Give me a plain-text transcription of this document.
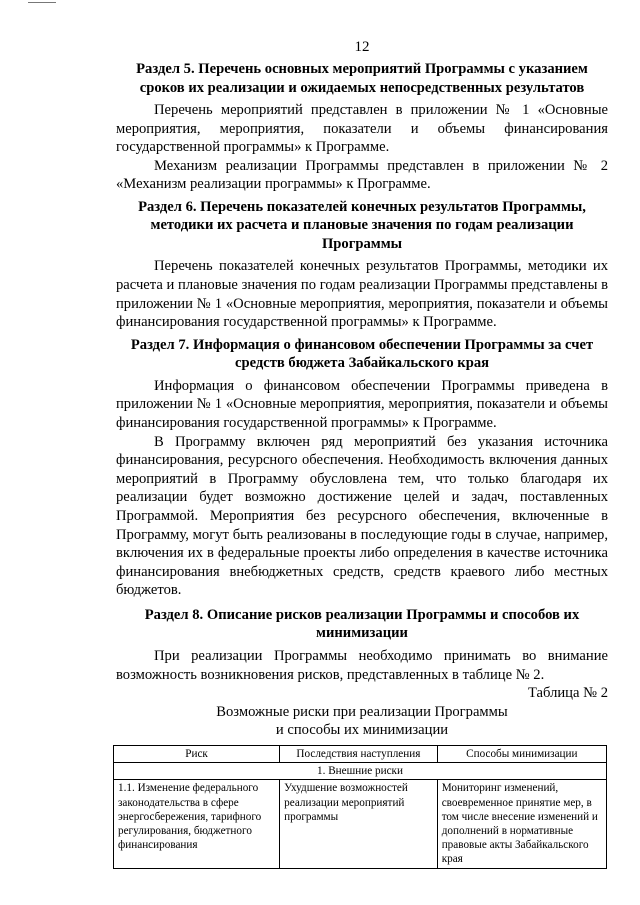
12
Раздел 5. Перечень основных мероприятий Программы с указанием сроков их реализации и ожидаемых непосредственных результатов

Перечень мероприятий представлен в приложении № 1 «Основные мероприятия, мероприятия, показатели и объемы финансирования государственной программы» к Программе.

Механизм реализации Программы представлен в приложении № 2 «Механизм реализации программы» к Программе.

Раздел 6. Перечень показателей конечных результатов Программы, методики их расчета и плановые значения по годам реализации Программы

Перечень показателей конечных результатов Программы, методики их расчета и плановые значения по годам реализации Программы представлены в приложении № 1 «Основные мероприятия, мероприятия, показатели и объемы финансирования государственной программы» к Программе.

Раздел 7. Информация о финансовом обеспечении Программы за счет средств бюджета Забайкальского края

Информация о финансовом обеспечении Программы приведена в приложении № 1 «Основные мероприятия, мероприятия, показатели и объемы финансирования государственной программы» к Программе.

В Программу включен ряд мероприятий без указания источника финансирования, ресурсного обеспечения. Необходимость включения данных мероприятий в Программу обусловлена тем, что только благодаря их реализации будет возможно достижение целей и задач, поставленных Программой. Мероприятия без ресурсного обеспечения, включенные в Программу, могут быть реализованы в последующие годы в случае, например, включения их в федеральные проекты либо определения в качестве источника финансирования внебюджетных средств, средств краевого либо местных бюджетов.

Раздел 8. Описание рисков реализации Программы и способов их минимизации

При реализации Программы необходимо принимать во внимание возможность возникновения рисков, представленных в таблице № 2.

Таблица № 2
Возможные риски при реализации Программы
и способы их минимизации
Риск	Последствия наступления	Способы минимизации
1. Внешние риски		
1.1. Изменение федерального законодательства в сфере энергосбережения, тарифного регулирования, бюджетного финансирования	Ухудшение возможностей реализации мероприятий программы	Мониторинг изменений, своевременное принятие мер, в том числе внесение изменений и дополнений в нормативные правовые акты Забайкальского края
